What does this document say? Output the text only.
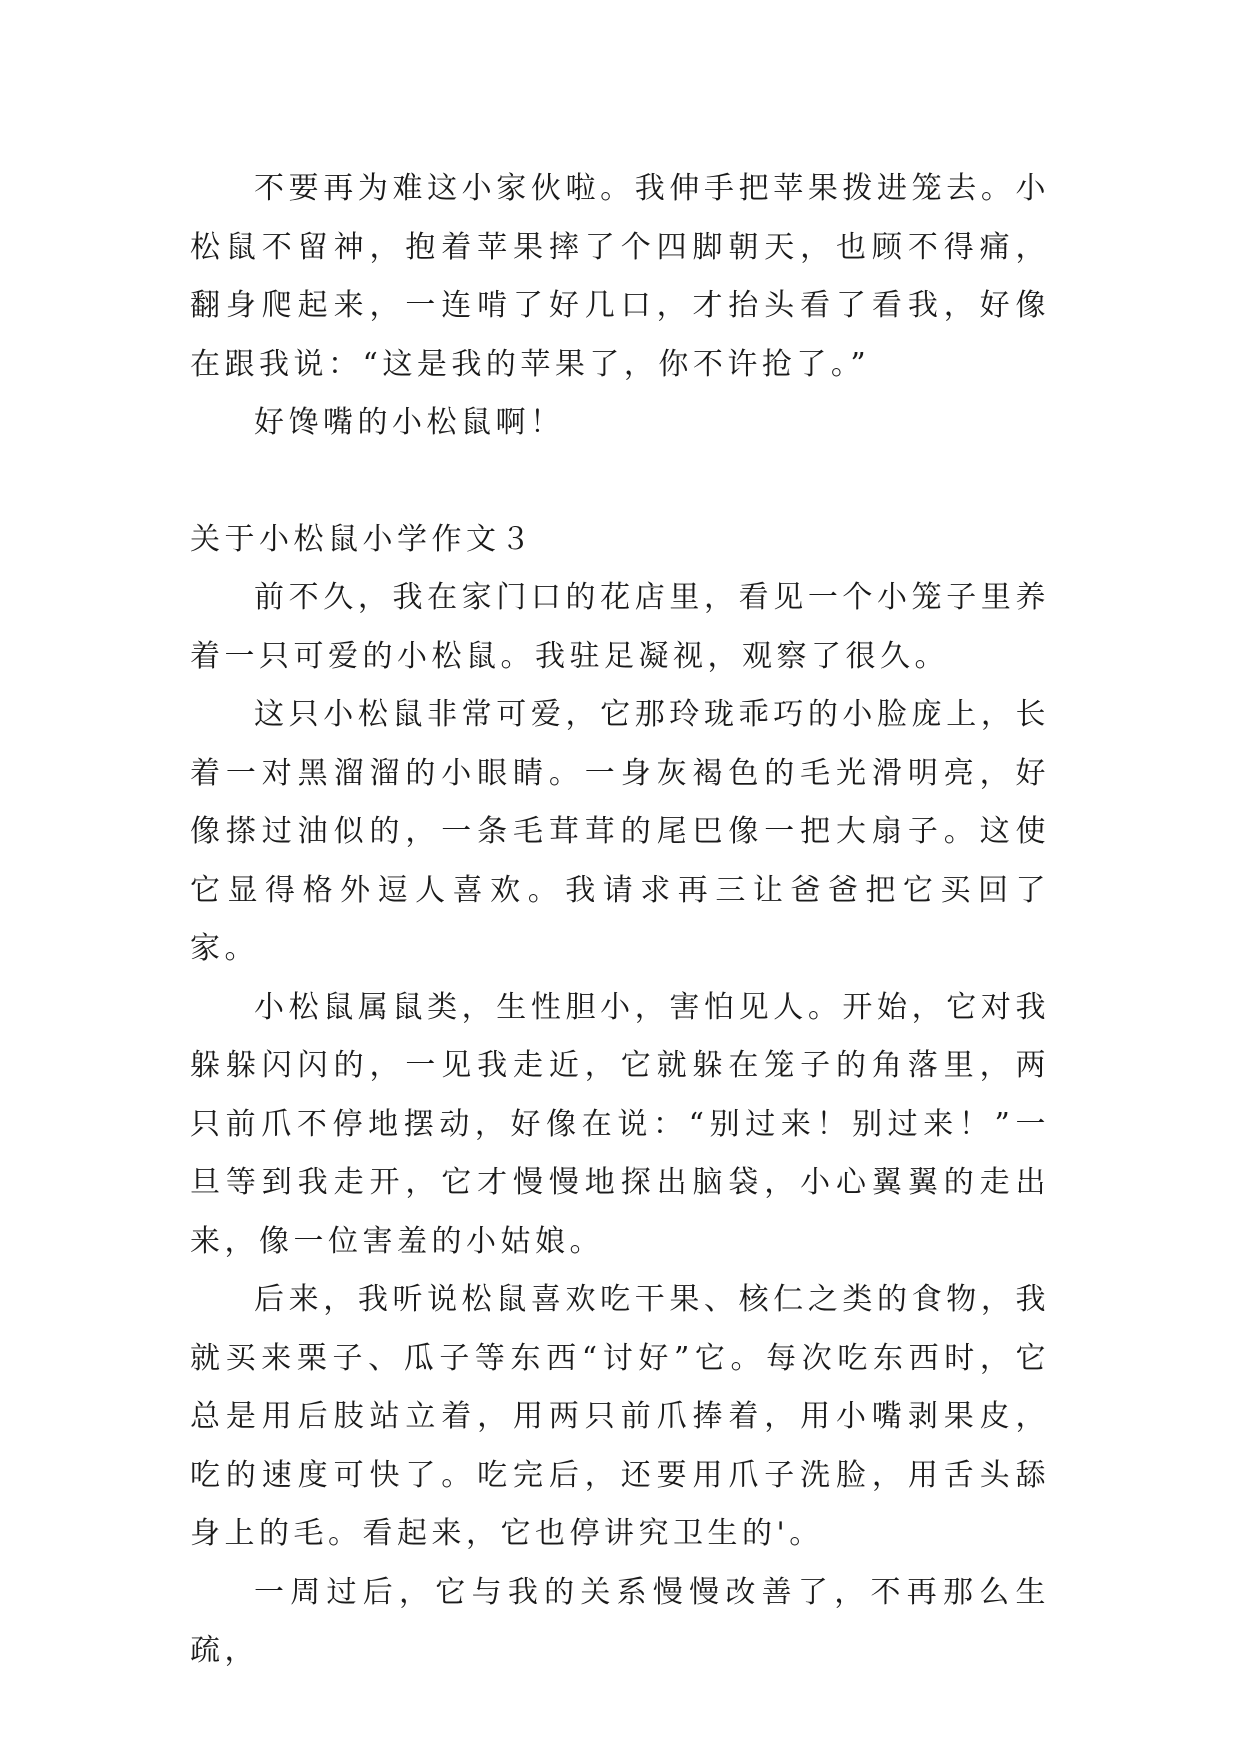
不要再为难这小家伙啦。我伸手把苹果拨进笼去。小松鼠不留神，抱着苹果摔了个四脚朝天，也顾不得痛，翻身爬起来，一连啃了好几口，才抬头看了看我，好像在跟我说：“这是我的苹果了，你不许抢了。”

好馋嘴的小松鼠啊！

关于小松鼠小学作文３

前不久，我在家门口的花店里，看见一个小笼子里养着一只可爱的小松鼠。我驻足凝视，观察了很久。

这只小松鼠非常可爱，它那玲珑乖巧的小脸庞上，长着一对黑溜溜的小眼睛。一身灰褐色的毛光滑明亮，好像搽过油似的，一条毛茸茸的尾巴像一把大扇子。这使它显得格外逗人喜欢。我请求再三让爸爸把它买回了家。

小松鼠属鼠类，生性胆小，害怕见人。开始，它对我躲躲闪闪的，一见我走近，它就躲在笼子的角落里，两只前爪不停地摆动，好像在说：“别过来！别过来！”一旦等到我走开，它才慢慢地探出脑袋，小心翼翼的走出来，像一位害羞的小姑娘。

后来，我听说松鼠喜欢吃干果、核仁之类的食物，我就买来栗子、瓜子等东西“讨好”它。每次吃东西时，它总是用后肢站立着，用两只前爪捧着，用小嘴剥果皮，吃的速度可快了。吃完后，还要用爪子洗脸，用舌头舔身上的毛。看起来，它也停讲究卫生的'。

一周过后，它与我的关系慢慢改善了，不再那么生疏，
